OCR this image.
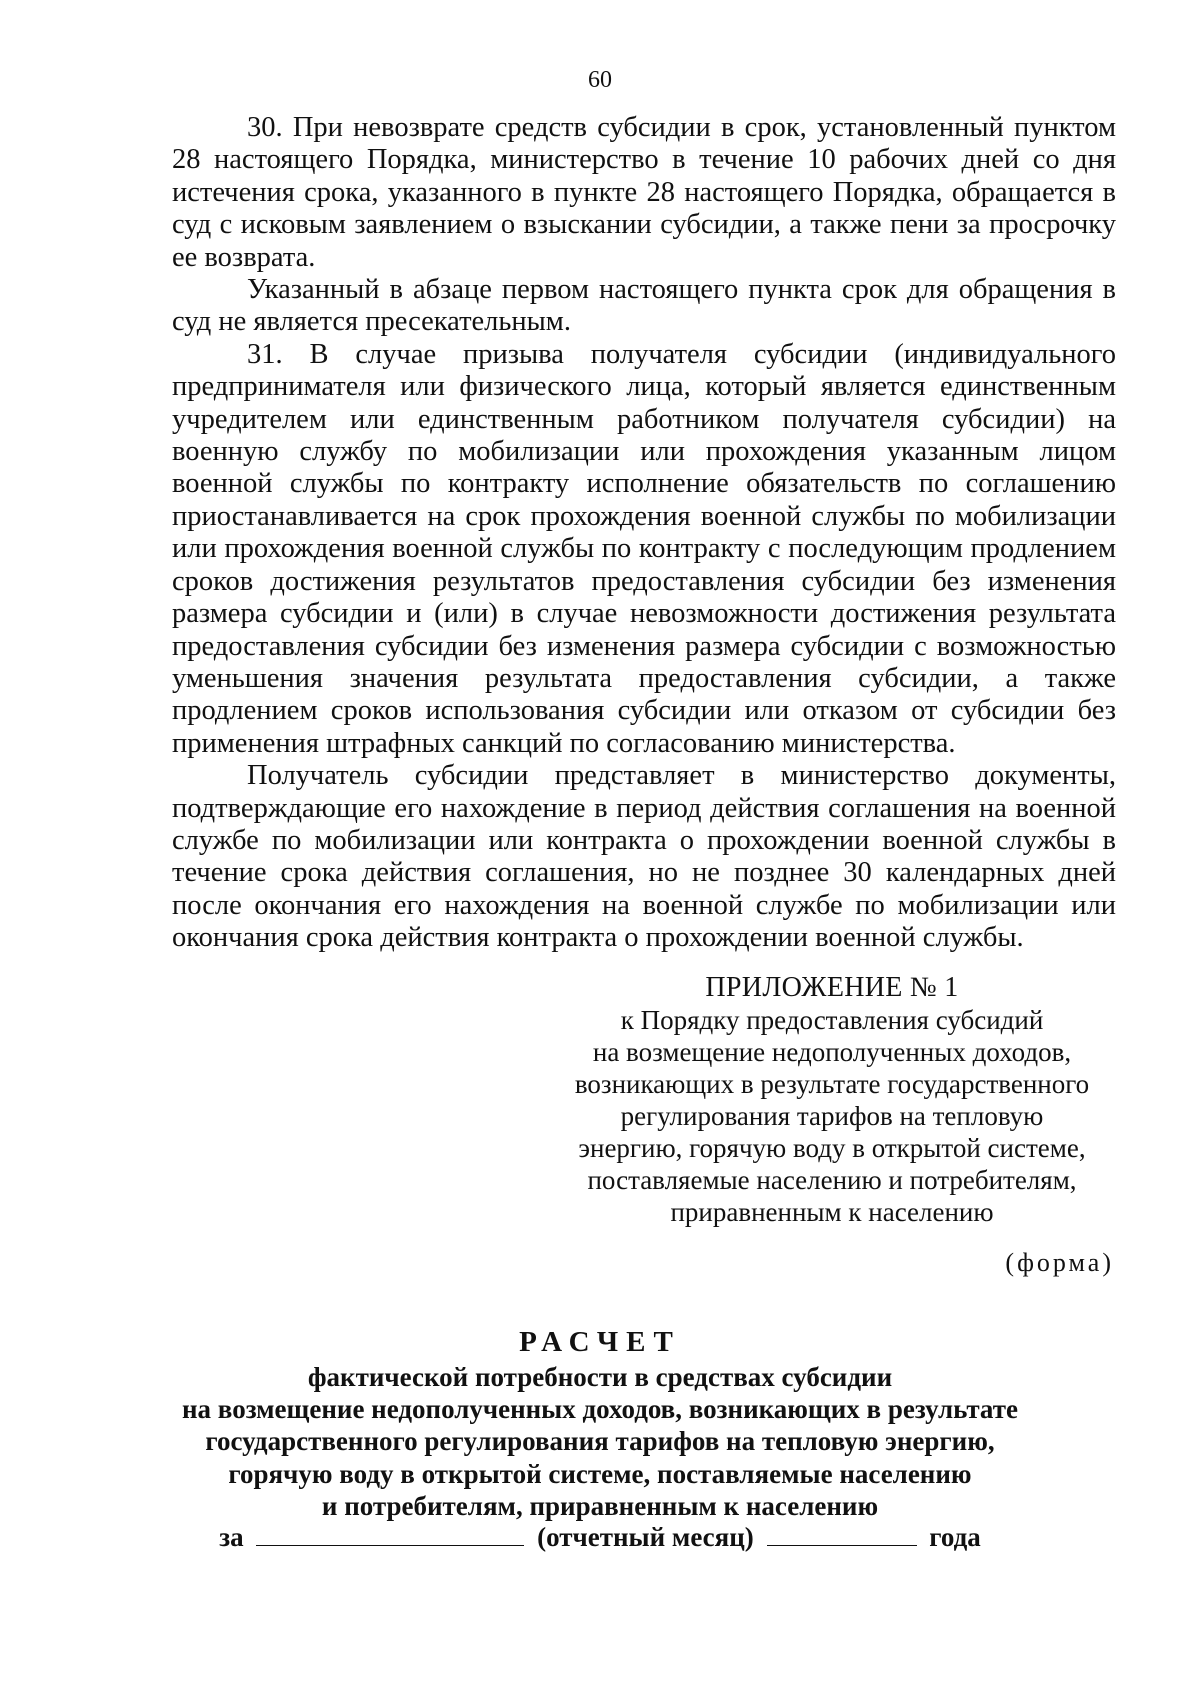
60

30. При невозврате средств субсидии в срок, установленный пунктом 28 настоящего Порядка, министерство в течение 10 рабочих дней со дня истечения срока, указанного в пункте 28 настоящего Порядка, обращается в суд с исковым заявлением о взыскании субсидии, а также пени за просрочку ее возврата.

Указанный в абзаце первом настоящего пункта срок для обращения в суд не является пресекательным.

31. В случае призыва получателя субсидии (индивидуального предпринимателя или физического лица, который является единственным учредителем или единственным работником получателя субсидии) на военную службу по мобилизации или прохождения указанным лицом военной службы по контракту исполнение обязательств по соглашению приостанавливается на срок прохождения военной службы по мобилизации или прохождения военной службы по контракту с последующим продлением сроков достижения результатов предоставления субсидии без изменения размера субсидии и (или) в случае невозможности достижения результата предоставления субсидии без изменения размера субсидии с возможностью уменьшения значения результата предоставления субсидии, а также продлением сроков использования субсидии или отказом от субсидии без применения штрафных санкций по согласованию министерства.

Получатель субсидии представляет в министерство документы, подтверждающие его нахождение в период действия соглашения на военной службе по мобилизации или контракта о прохождении военной службы в течение срока действия соглашения, но не позднее 30 календарных дней после окончания его нахождения на военной службе по мобилизации или окончания срока действия контракта о прохождении военной службы.

ПРИЛОЖЕНИЕ № 1
к Порядку предоставления субсидий
на возмещение недополученных доходов,
возникающих в результате государственного
регулирования тарифов на тепловую
энергию, горячую воду в открытой системе,
поставляемые населению и потребителям,
приравненным к населению
(форма)
РАСЧЕТ
фактической потребности в средствах субсидии
на возмещение недополученных доходов, возникающих в результате
государственного регулирования тарифов на тепловую энергию,
горячую воду в открытой системе, поставляемые населению
и потребителям, приравненным к населению
за	(отчетный месяц)	года
